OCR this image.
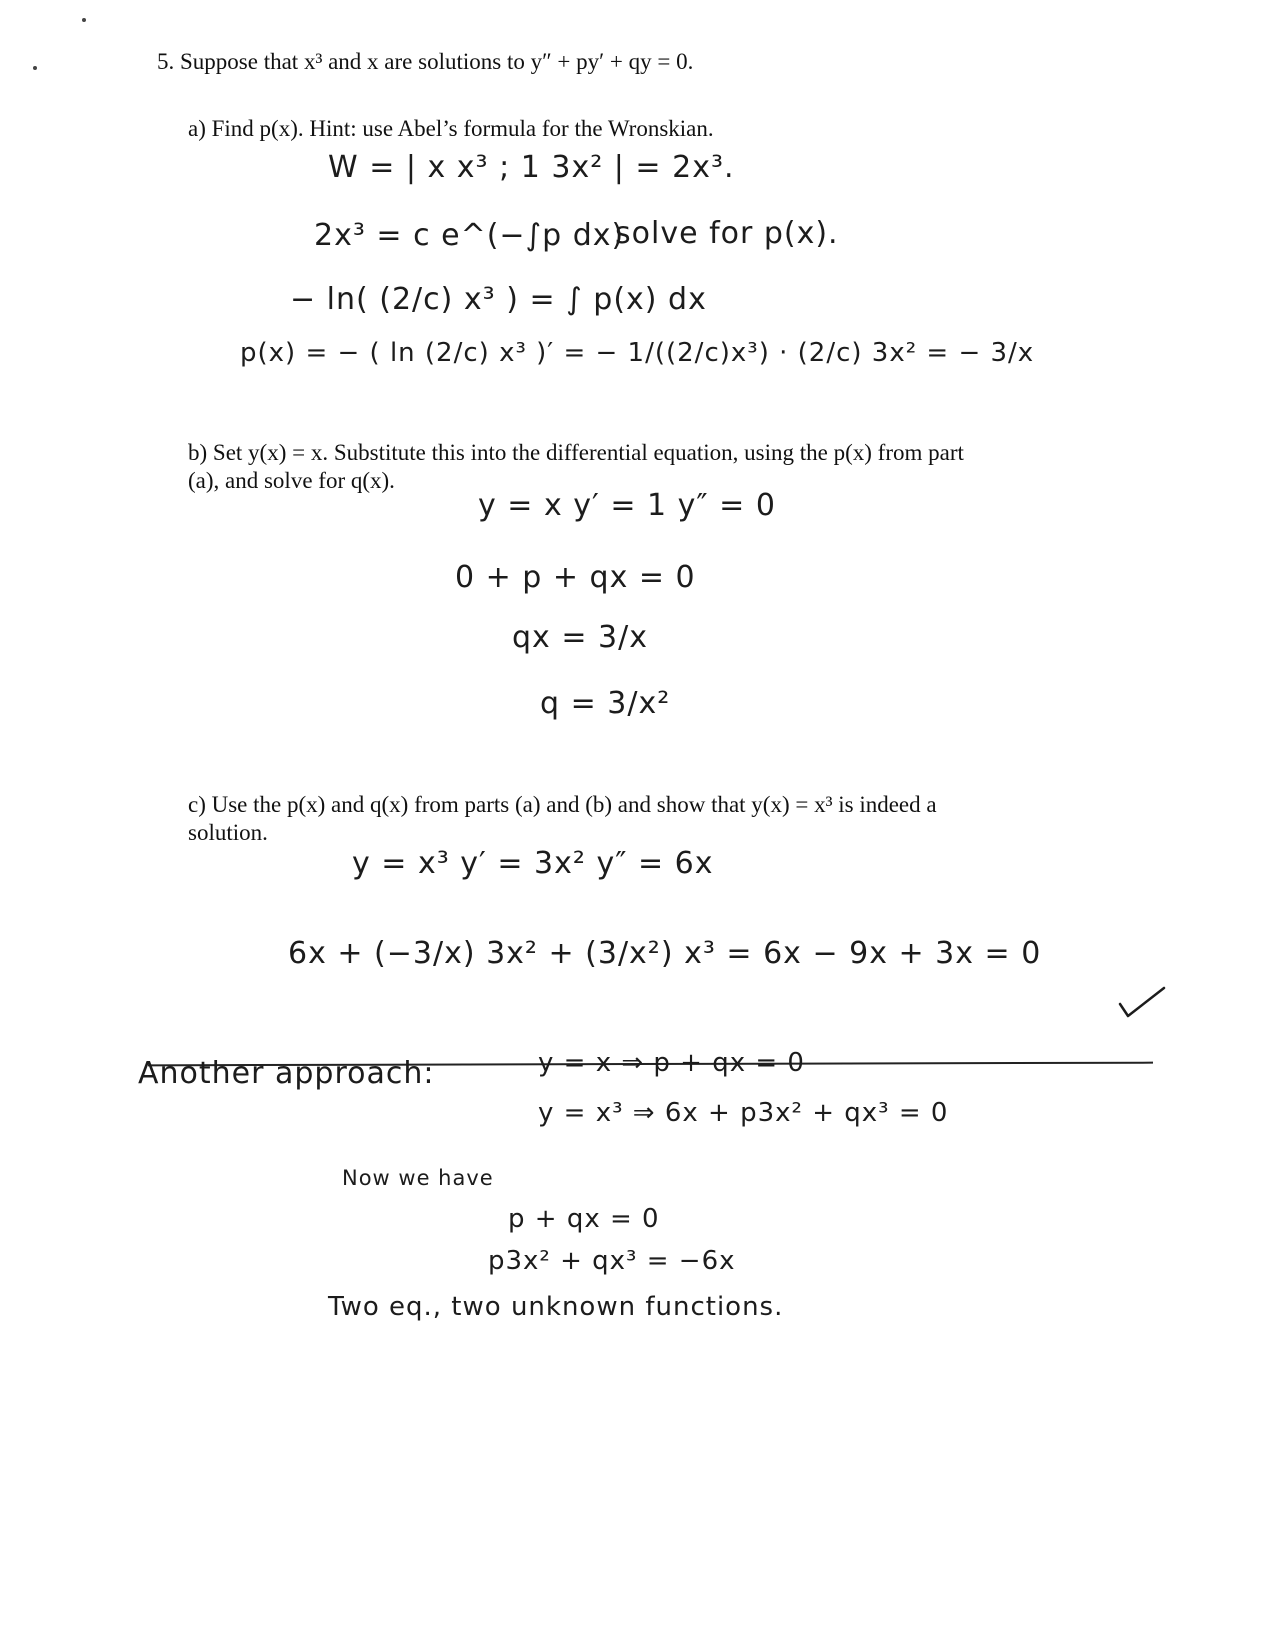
5. Suppose that x³ and x are solutions to y″ + py′ + qy = 0.
a) Find p(x). Hint: use Abel’s formula for the Wronskian.
W = | x x³ ; 1 3x² | = 2x³.
2x³ = c e^(−∫p dx)
solve for p(x).
− ln( (2/c) x³ ) = ∫ p(x) dx
p(x) = − ( ln (2/c) x³ )′ = − 1/((2/c)x³) · (2/c) 3x² = − 3/x
b) Set y(x) = x. Substitute this into the differential equation, using the p(x) from part
(a), and solve for q(x).
y = x y′ = 1 y″ = 0
0 + p + qx = 0
qx = 3/x
q = 3/x²
c) Use the p(x) and q(x) from parts (a) and (b) and show that y(x) = x³ is indeed a
solution.
y = x³ y′ = 3x² y″ = 6x
6x + (−3/x) 3x² + (3/x²) x³ = 6x − 9x + 3x = 0
Another approach:	y = x ⇒ p + qx = 0
y = x³ ⇒ 6x + p3x² + qx³ = 0
Now we have
p + qx = 0
p3x² + qx³ = −6x
Two eq., two unknown functions.
